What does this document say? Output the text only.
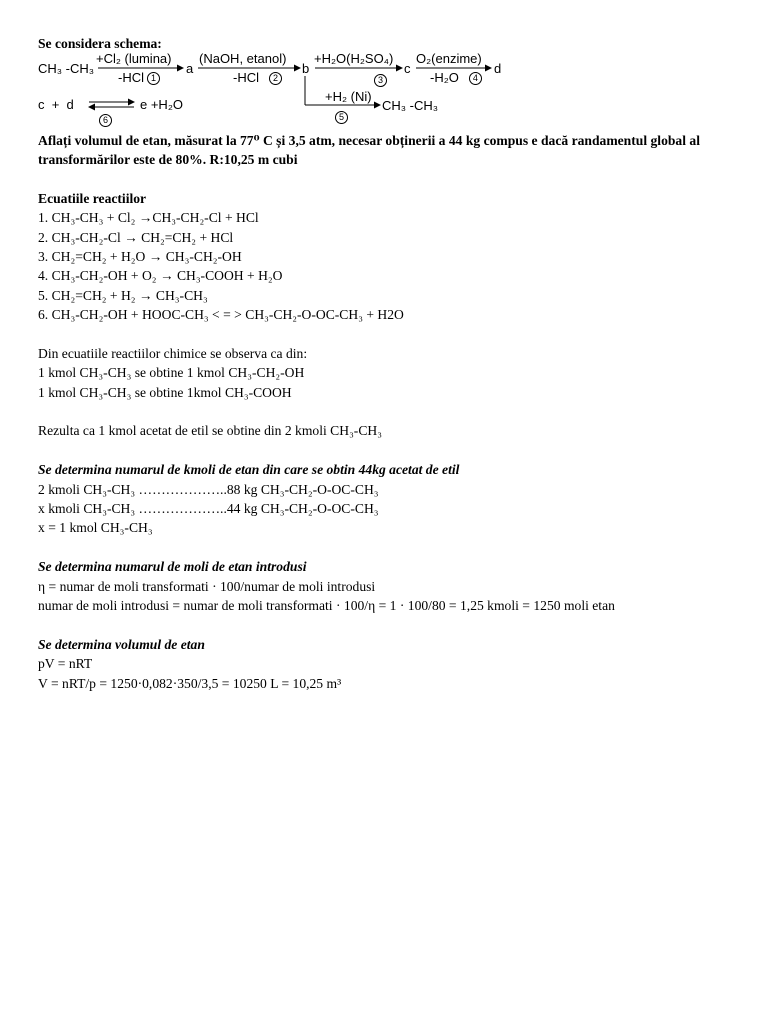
Se considera schema:
CH₃ -CH₃
+Cl₂ (lumina)
-HCl 1
a
(NaOH, etanol)
-HCl 2
b
+H₂O(H₂SO₄)
3
c
O₂(enzime)
-H₂O 4
d
+H₂ (Ni)
5
CH₃ -CH₃
c  +  d
6
e +H₂O
Aflați volumul de etan, măsurat la 77⁰ C și 3,5 atm, necesar obținerii a 44 kg compus e dacă randamentul global al transformărilor este de 80%. R:10,25 m cubi
Ecuatiile reactiilor
1. CH₃-CH₃ + Cl₂ →CH₃-CH₂-Cl + HCl
2. CH₃-CH₂-Cl → CH₂=CH₂ + HCl
3. CH₂=CH₂ + H₂O → CH₃-CH₂-OH
4. CH₃-CH₂-OH + O₂ → CH₃-COOH + H₂O
5. CH₂=CH₂ + H₂ → CH₃-CH₃
6. CH₃-CH₂-OH + HOOC-CH₃ < = > CH₃-CH₂-O-OC-CH₃ + H2O
Din ecuatiile reactiilor chimice se observa ca din:
1 kmol CH₃-CH₃ se obtine 1 kmol CH₃-CH₂-OH
1 kmol CH₃-CH₃ se obtine 1kmol CH₃-COOH
Rezulta ca 1 kmol acetat de etil se obtine din 2 kmoli CH₃-CH₃
Se determina numarul de kmoli de etan din care se obtin 44kg acetat de etil
2 kmoli CH₃-CH₃ ………………..88 kg CH₃-CH₂-O-OC-CH₃
x kmoli CH₃-CH₃ ………………..44 kg CH₃-CH₂-O-OC-CH₃
x = 1 kmol CH₃-CH₃
Se determina numarul de moli de etan introdusi
η = numar de moli transformati · 100/numar de moli introdusi
numar de moli introdusi = numar de moli transformati · 100/η = 1 · 100/80 = 1,25 kmoli = 1250 moli etan
Se determina volumul de etan
pV = nRT
V = nRT/p = 1250·0,082·350/3,5 = 10250 L = 10,25 m³
